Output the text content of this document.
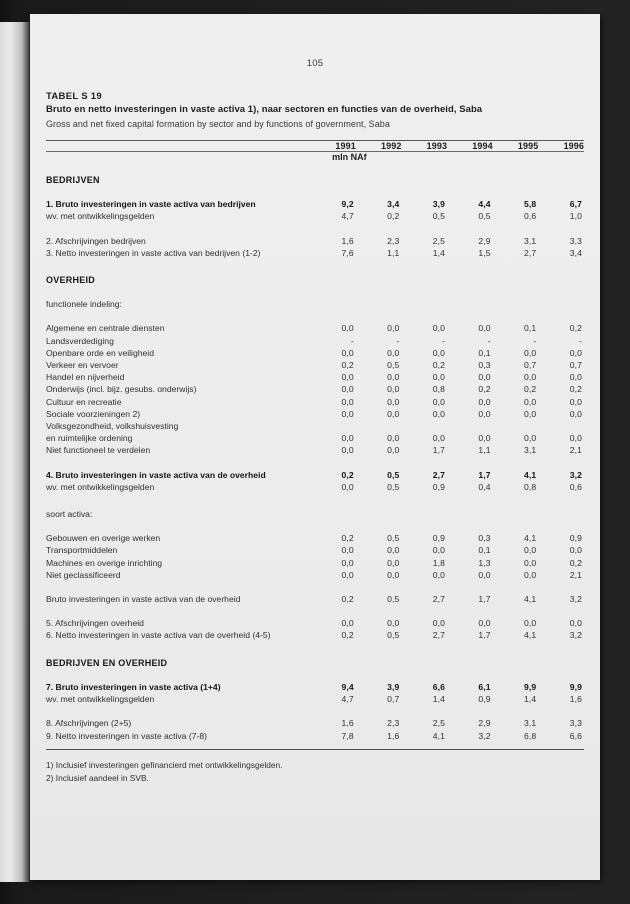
105
TABEL S 19
Bruto en netto investeringen in vaste activa 1), naar sectoren en functies van de overheid, Saba
Gross and net fixed capital formation by sector and by functions of government, Saba
	1991	1992	1993	1994	1995	1996
	mln NAf					

BEDRIJVEN						

1. Bruto investeringen in vaste activa van bedrijven	9,2	3,4	3,9	4,4	5,8	6,7
wv. met ontwikkelingsgelden	4,7	0,2	0,5	0,5	0,6	1,0

2. Afschrijvingen bedrijven	1,6	2,3	2,5	2,9	3,1	3,3
3. Netto investeringen in vaste activa van bedrijven (1-2)	7,6	1,1	1,4	1,5	2,7	3,4

OVERHEID						

functionele indeling:						

Algemene en centrale diensten	0,0	0,0	0,0	0,0	0,1	0,2
Landsverdediging	-	-	-	-	-	-
Openbare orde en veiligheid	0,0	0,0	0,0	0,1	0,0	0,0
Verkeer en vervoer	0,2	0,5	0,2	0,3	0,7	0,7
Handel en nijverheid	0,0	0,0	0,0	0,0	0,0	0,0
Onderwijs (incl. bijz. gesubs. onderwijs)	0,0	0,0	0,8	0,2	0,2	0,2
Cultuur en recreatie	0,0	0,0	0,0	0,0	0,0	0,0
Sociale voorzieningen 2)	0,0	0,0	0,0	0,0	0,0	0,0
Volksgezondheid, volkshuisvesting						
en ruimtelijke ordening	0,0	0,0	0,0	0,0	0,0	0,0
Niet functioneel te verdelen	0,0	0,0	1,7	1,1	3,1	2,1

4. Bruto investeringen in vaste activa van de overheid	0,2	0,5	2,7	1,7	4,1	3,2
wv. met ontwikkelingsgelden	0,0	0,5	0,9	0,4	0,8	0,6

soort activa:						

Gebouwen en overige werken	0,2	0,5	0,9	0,3	4,1	0,9
Transportmiddelen	0,0	0,0	0,0	0,1	0,0	0,0
Machines en overige inrichting	0,0	0,0	1,8	1,3	0,0	0,2
Niet geclassificeerd	0,0	0,0	0,0	0,0	0,0	2,1

Bruto investeringen in vaste activa van de overheid	0,2	0,5	2,7	1,7	4,1	3,2

5. Afschrijvingen overheid	0,0	0,0	0,0	0,0	0,0	0,0
6. Netto investeringen in vaste activa van de overheid (4-5)	0,2	0,5	2,7	1,7	4,1	3,2

BEDRIJVEN EN OVERHEID						

7. Bruto investeringen in vaste activa (1+4)	9,4	3,9	6,6	6,1	9,9	9,9
wv. met ontwikkelingsgelden	4,7	0,7	1,4	0,9	1,4	1,6

8. Afschrijvingen (2+5)	1,6	2,3	2,5	2,9	3,1	3,3
9. Netto investeringen in vaste activa (7-8)	7,8	1,6	4,1	3,2	6,8	6,6
1) Inclusief investeringen gefinancierd met ontwikkelingsgelden.
2) Inclusief aandeel in SVB.
